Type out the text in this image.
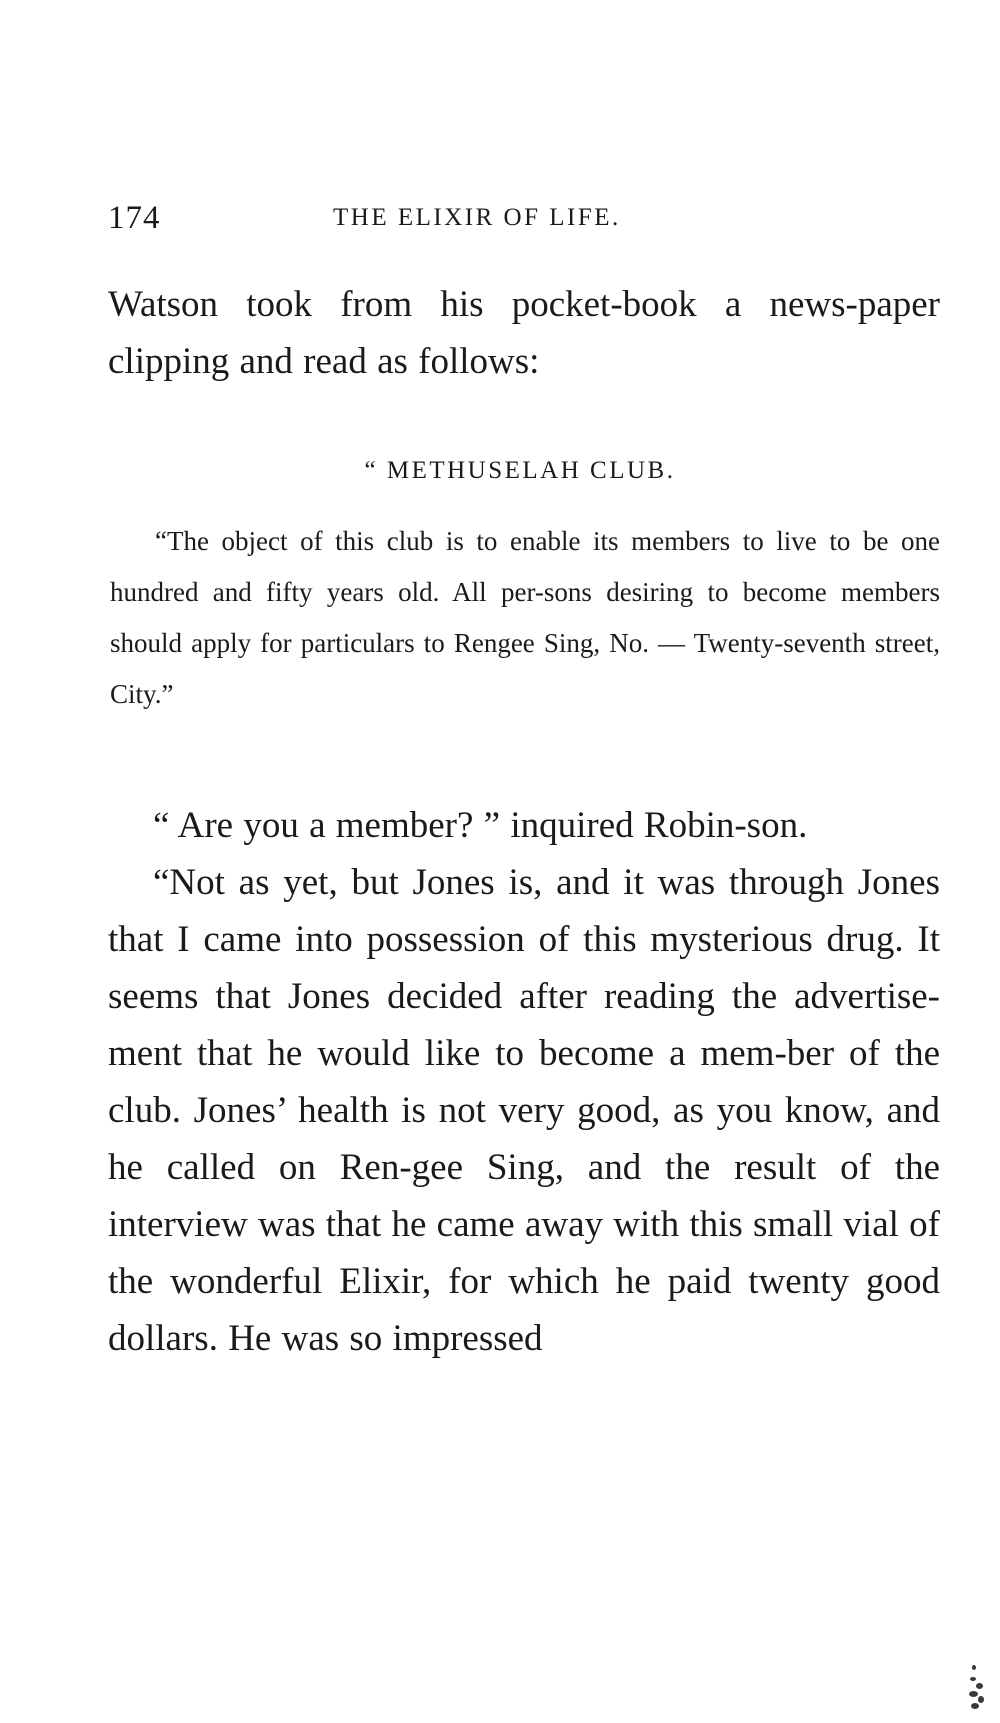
174	THE ELIXIR OF LIFE.

Watson took from his pocket-book a news-paper clipping and read as follows:

“ METHUSELAH CLUB.

“The object of this club is to enable its members to live to be one hundred and fifty years old. All per-sons desiring to become members should apply for particulars to Rengee Sing, No. — Twenty-seventh street, City.”

“ Are you a member? ” inquired Robin-son.

“Not as yet, but Jones is, and it was through Jones that I came into possession of this mysterious drug. It seems that Jones decided after reading the advertise-ment that he would like to become a mem-ber of the club. Jones’ health is not very good, as you know, and he called on Ren-gee Sing, and the result of the interview was that he came away with this small vial of the wonderful Elixir, for which he paid twenty good dollars. He was so impressed
